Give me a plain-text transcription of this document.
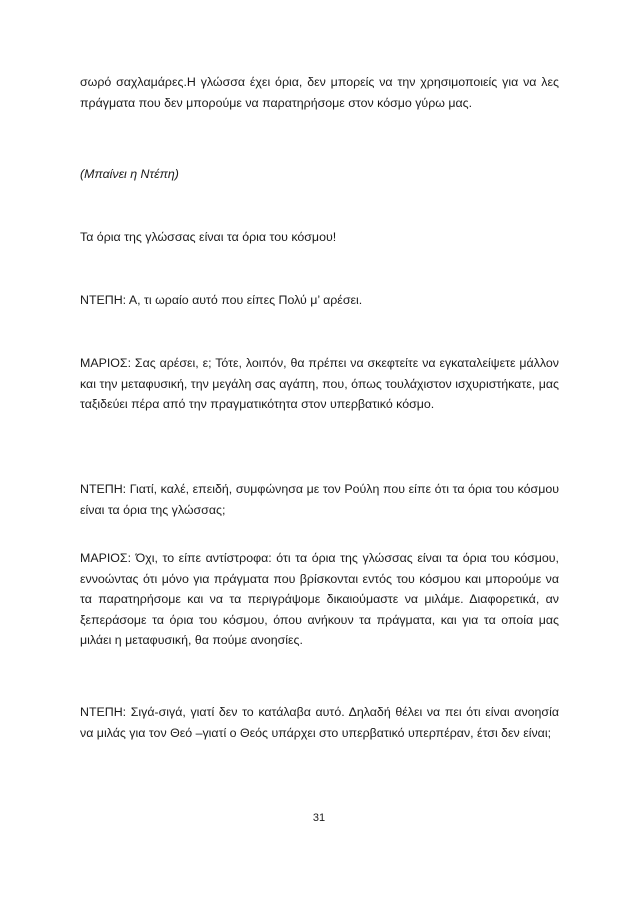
σωρό σαχλαμάρες.Η γλώσσα έχει όρια, δεν μπορείς να την χρησιμοποιείς για να λες πράγματα που δεν μπορούμε να παρατηρήσομε στον κόσμο γύρω μας.

(Μπαίνει η Ντέπη)

Τα όρια της γλώσσας είναι τα όρια του κόσμου!

ΝΤΕΠΗ: Α, τι ωραίο αυτό που είπες Πολύ μ’ αρέσει.

ΜΑΡΙΟΣ: Σας αρέσει, ε; Τότε, λοιπόν, θα πρέπει να σκεφτείτε να εγκαταλείψετε μάλλον και την μεταφυσική, την μεγάλη σας αγάπη, που, όπως τουλάχιστον ισχυριστήκατε, μας ταξιδεύει πέρα από την πραγματικότητα στον υπερβατικό κόσμο.

ΝΤΕΠΗ: Γιατί, καλέ, επειδή, συμφώνησα με τον Ρούλη που είπε ότι τα όρια του κόσμου είναι τα όρια της γλώσσας;

ΜΑΡΙΟΣ: Όχι, το είπε αντίστροφα: ότι τα όρια της γλώσσας είναι τα όρια του κόσμου, εννοώντας ότι μόνο για πράγματα που βρίσκονται εντός του κόσμου και μπορούμε να τα παρατηρήσομε και να τα περιγράψομε δικαιούμαστε να μιλάμε. Διαφορετικά, αν ξεπεράσομε τα όρια του κόσμου, όπου ανήκουν τα πράγματα, και για τα οποία μας μιλάει η μεταφυσική, θα πούμε ανοησίες.

ΝΤΕΠΗ: Σιγά-σιγά, γιατί δεν το κατάλαβα αυτό. Δηλαδή θέλει να πει ότι είναι ανοησία να μιλάς για τον Θεό –γιατί ο Θεός υπάρχει στο υπερβατικό υπερπέραν, έτσι δεν είναι;

31
